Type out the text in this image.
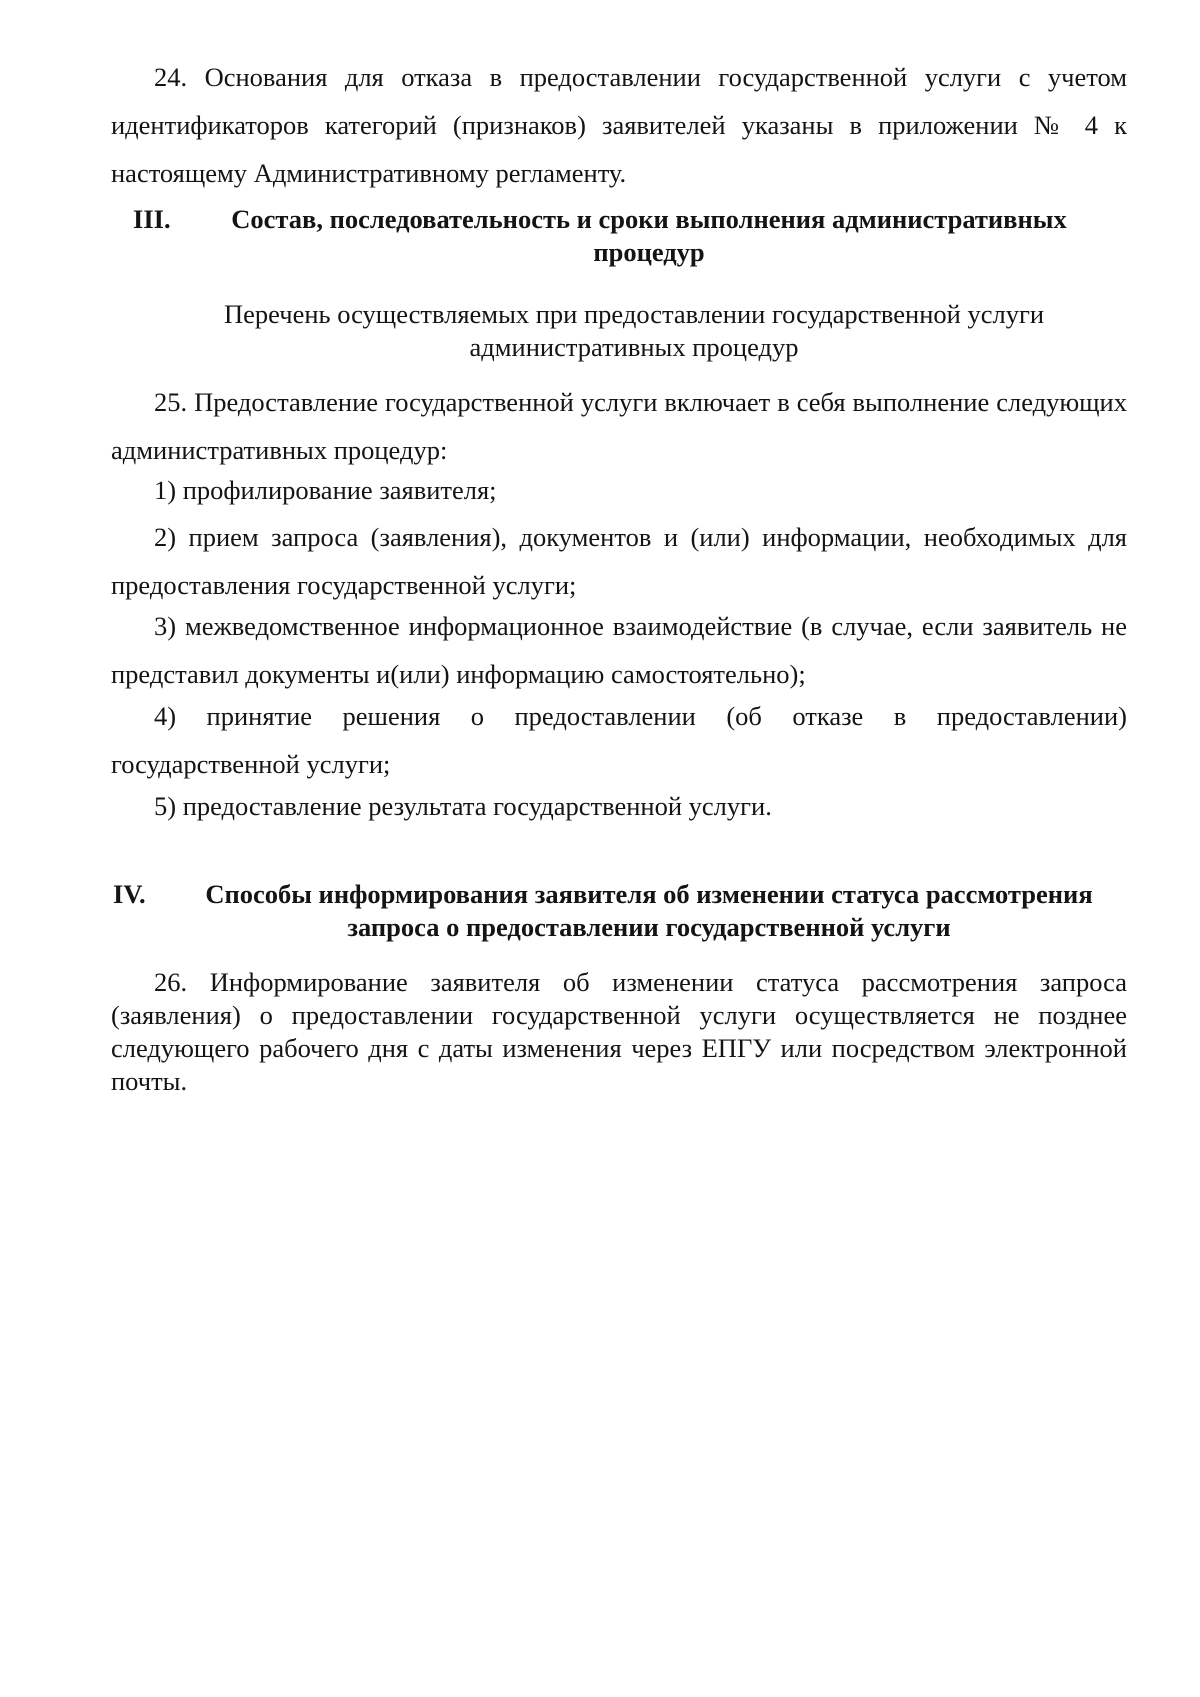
24. Основания для отказа в предоставлении государственной услуги с учетом идентификаторов категорий (признаков) заявителей указаны в приложении № 4 к настоящему Административному регламенту.

III.	Состав, последовательность и сроки выполнения административных процедур

Перечень осуществляемых при предоставлении государственной услуги административных процедур

25. Предоставление государственной услуги включает в себя выполнение следующих административных процедур:

1) профилирование заявителя;

2) прием запроса (заявления), документов и (или) информации, необходимых для предоставления государственной услуги;

3) межведомственное информационное взаимодействие (в случае, если заявитель не представил документы и(или) информацию самостоятельно);

4) принятие решения о предоставлении (об отказе в предоставлении) государственной услуги;

5) предоставление результата государственной услуги.

IV.	Способы информирования заявителя об изменении статуса рассмотрения запроса о предоставлении государственной услуги

26. Информирование заявителя об изменении статуса рассмотрения запроса (заявления) о предоставлении государственной услуги осуществляется не позднее следующего рабочего дня с даты изменения через ЕПГУ или посредством электронной почты.
